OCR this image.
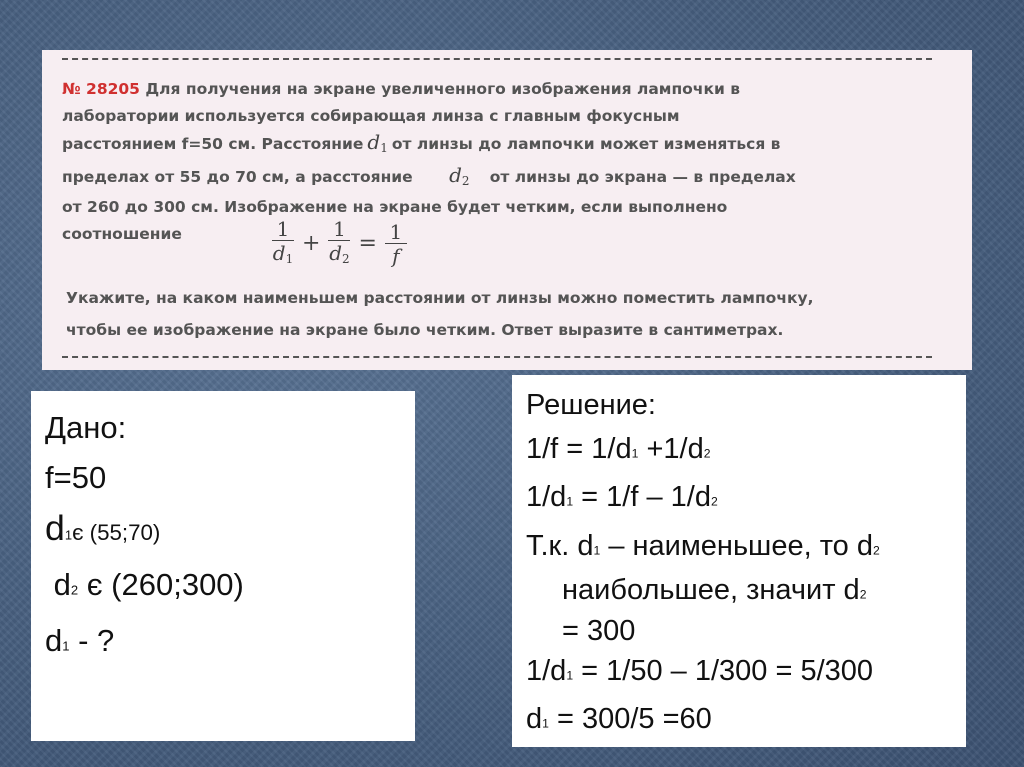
№ 28205 Для получения на экране увеличенного изображения лампочки в
лаборатории используется собирающая линза с главным фокусным
расстоянием f=50 см. Расстояние $d_1$ от линзы до лампочки может изменяться в
пределах от 55 до 70 см, а расстояние $d_2$ от линзы до экрана — в пределах
от 260 до 300 см. Изображение на экране будет четким, если выполнено
соотношение	$\frac{1}{d_1} + \frac{1}{d_2} = \frac{1}{f}$
Укажите, на каком наименьшем расстоянии от линзы можно поместить лампочку,
чтобы ее изображение на экране было четким. Ответ выразите в сантиметрах.
Дано:
f=50
d1є (55;70)
d2 є (260;300)
d1 - ?
Решение:
1/f = 1/d1 +1/d2
1/d1 = 1/f – 1/d2
Т.к. d1 – наименьшее, то d2
наибольшее, значит d2
= 300
1/d1 = 1/50 – 1/300 = 5/300
d1 = 300/5 =60
